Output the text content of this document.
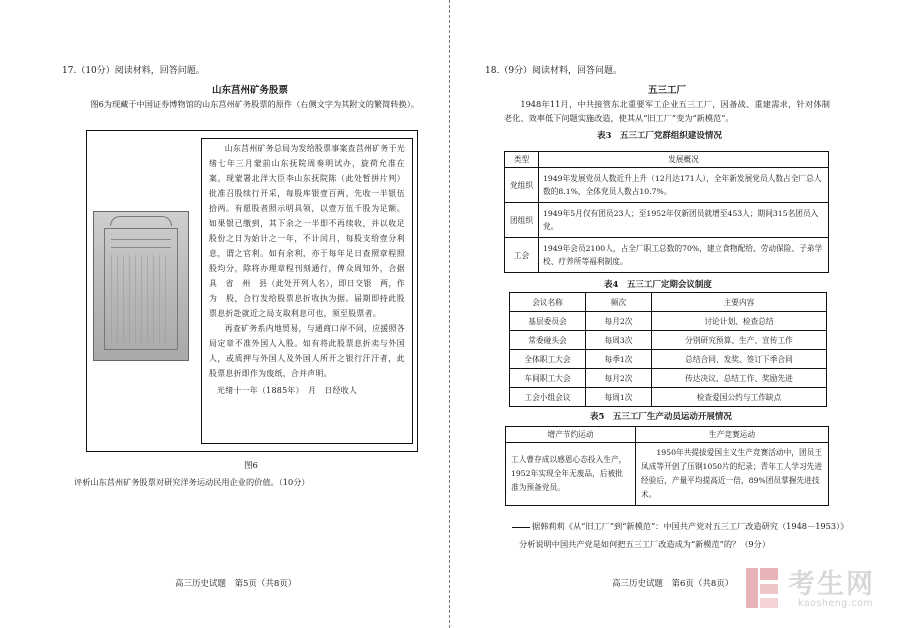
17.（10分）阅读材料，回答问题。
山东莒州矿务股票
图6为现藏于中国证券博物馆的山东莒州矿务股票的原件（右侧文字为其附文的繁简转换）。

山东莒州矿务总局为发给股票事案查莒州矿务于光绪七年三月蒙前山东抚院周奏明试办，旋荷允准在案。现蒙署北洋大臣李山东抚院陈（此处暂拼片判）批准召股续行开采，每股库银壹百两，先收一半银伍拾两。有愿股者照示明具领，以壹万伍千股为足额。如果银已缴到，其下余之一半即不再续收，并以收足股份之日为始计之一年，不计闰月，每股支给壹分利息，谓之官利。如有余利，亦于每年足日查照章程照股均分，除将办理章程刊刻通行，俾众周知外，合据具　省　州　县（此处开列人名），即日交银　两，作为　股，合行发给股票息折收执为据。届期即持此股票息折赴就近之局支取利息可也，须至股票者。

再查矿务系内地贸易，与通商口岸不同，应援照各局定章不准外国人入股。如有将此股票息折卖与外国人，或质押与外国人及外国人所开之银行汗汗者，此股票息折即作为废纸，合并声明。

光绪十一年（1885年）　月　日经收人

图6
评析山东莒州矿务股票对研究洋务运动民用企业的价值。（10分）
高三历史试题　第5页（共8页）
18.（9分）阅读材料，回答问题。
五三工厂
1948年11月，中共接管东北重要军工企业五三工厂，因备战、重建需求，针对体制老化、效率低下问题实施改造，使其从“旧工厂”变为“新模范”。
表3　五三工厂党群组织建设情况
类型	发展概况
党组织	1949年发展党员人数近升上升（12月达171人），全年新发展党员人数占全厂总人数的8.1%，全体党员人数占10.7%。
团组织	1949年5月仅有团员23人；至1952年仅新团员就增至453人；期间315名团员入党。
工会	1949年会员2100人，占全厂职工总数的70%，建立食物配给、劳动保险、子弟学校、疗养所等福利制度。
表4　五三工厂定期会议制度
会议名称	频次	主要内容
基层委员会	每月2次	讨论计划、检查总结
常委碰头会	每周3次	分别研究预算、生产、宣传工作
全体职工大会	每季1次	总结合同、发奖、签订下季合同
车间职工大会	每月2次	传达决议、总结工作、奖励先进
工会小组会议	每周1次	检查爱国公约与工作缺点
表5　五三工厂生产动员运动开展情况
增产节约运动	生产竞赛运动
工人曹存成以感恩心态投入生产，1952年实现全年无废品，后被批准为预备党员。	1950年共提拔爱国主义生产竞赛活动中，团员王凤成等开创了压钢1050片的纪录；青年工人学习先进经验后，产量平均提高近一倍，89%团员掌握先进技术。
据韩莉莉《从“旧工厂”到“新模范”：中国共产党对五三工厂改造研究（1948－1953）》
分析说明中国共产党是如何把五三工厂改造成为“新模范”的？（9分）
高三历史试题　第6页（共8页） 考生网
kaosheng.com
